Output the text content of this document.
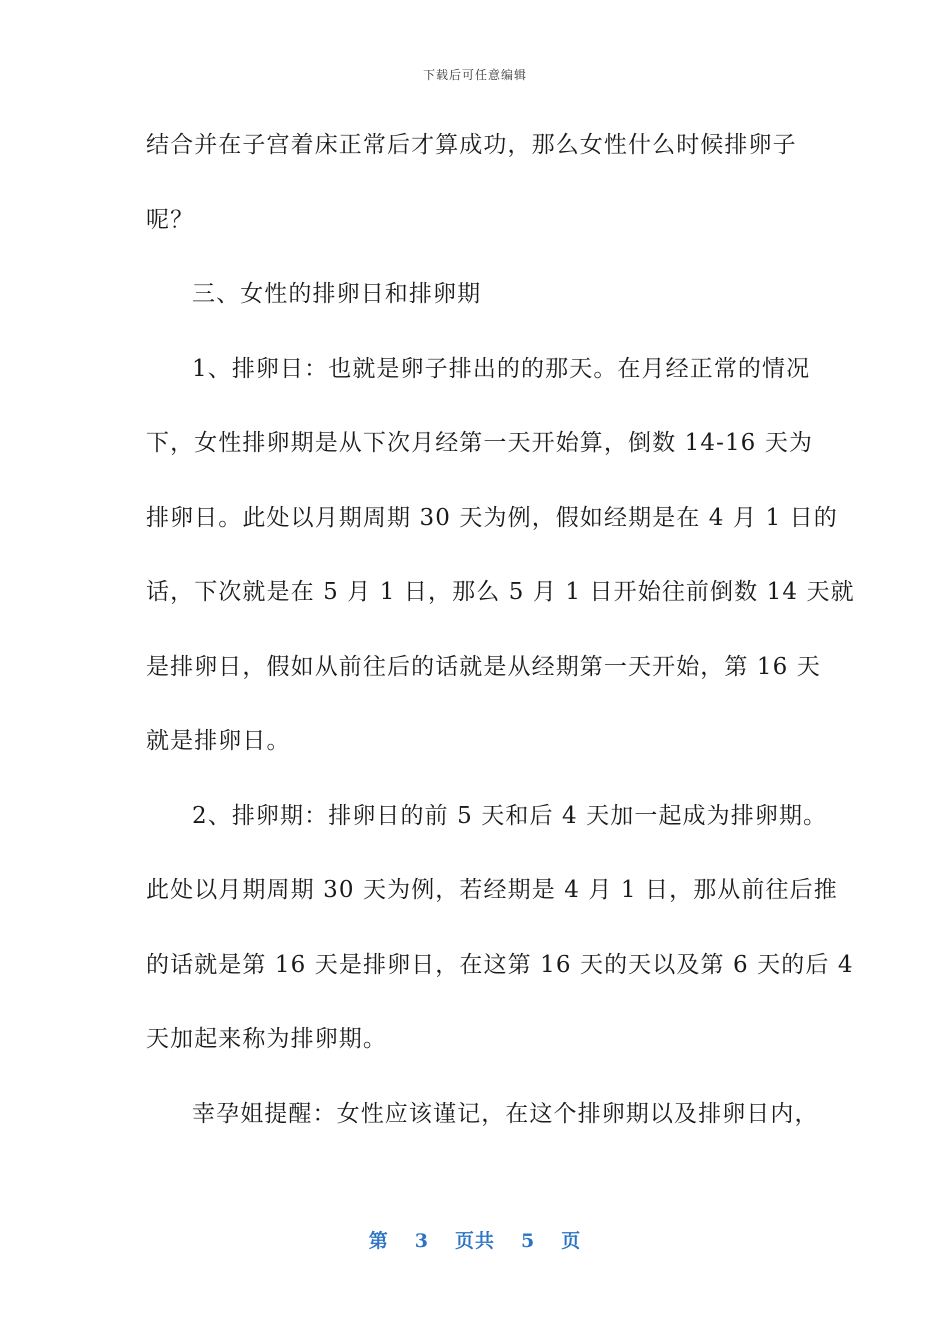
下载后可任意编辑
结合并在子宫着床正常后才算成功，那么女性什么时候排卵子
呢？
三、女性的排卵日和排卵期
1、排卵日：也就是卵子排出的的那天。在月经正常的情况
下，女性排卵期是从下次月经第一天开始算，倒数 14-16 天为
排卵日。此处以月期周期 30 天为例，假如经期是在 4 月 1 日的
话，下次就是在 5 月 1 日，那么 5 月 1 日开始往前倒数 14 天就
是排卵日，假如从前往后的话就是从经期第一天开始，第 16 天
就是排卵日。
2、排卵期：排卵日的前 5 天和后 4 天加一起成为排卵期。
此处以月期周期 30 天为例，若经期是 4 月 1 日，那从前往后推
的话就是第 16 天是排卵日，在这第 16 天的天以及第 6 天的后 4
天加起来称为排卵期。
幸孕姐提醒：女性应该谨记，在这个排卵期以及排卵日内，
第 3 页共 5 页
